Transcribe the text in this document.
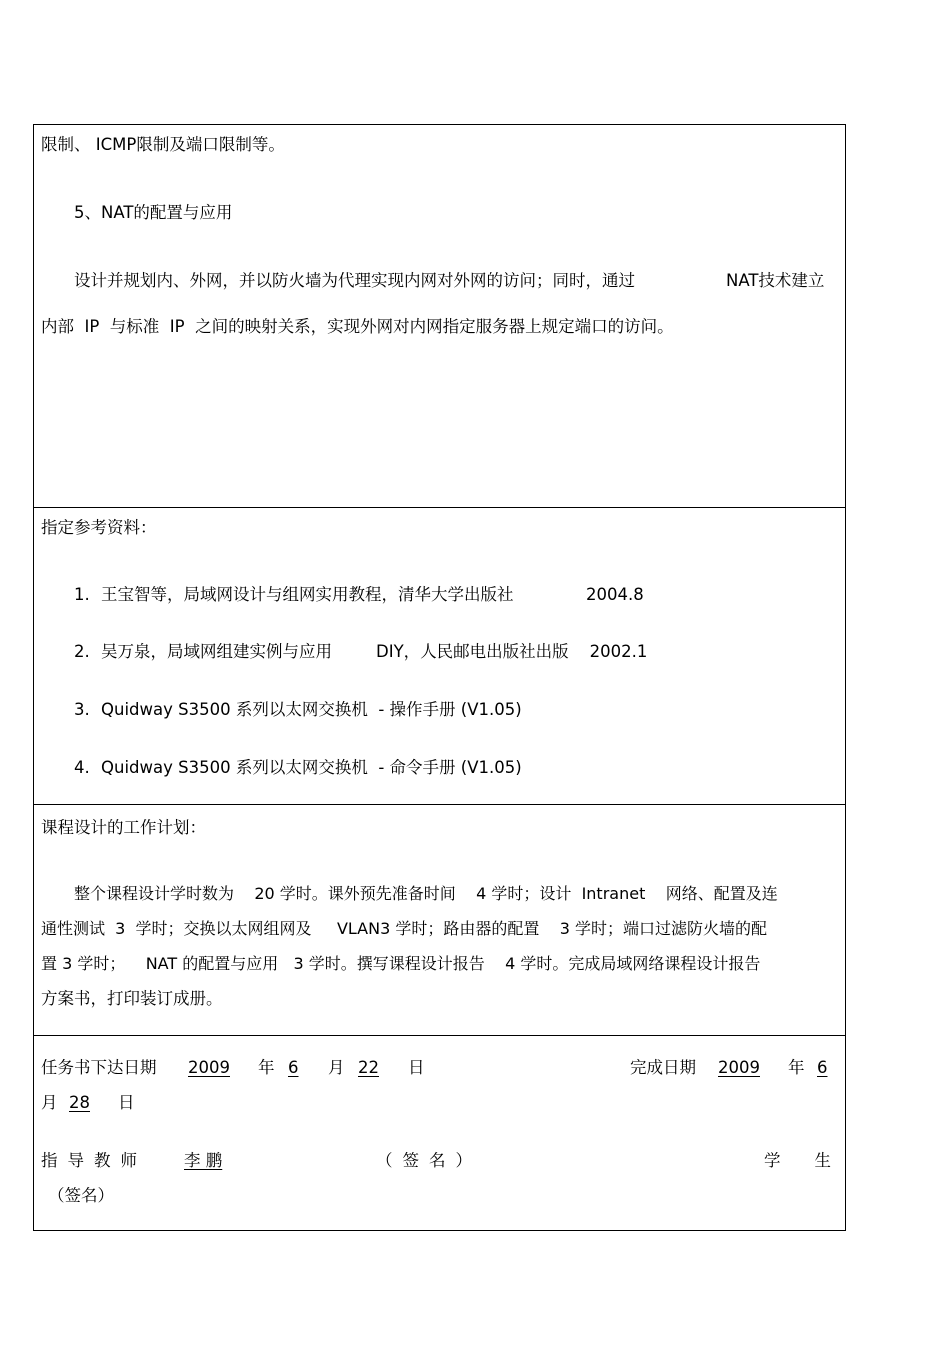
限制、 ICMP限制及端口限制等。
5、NAT的配置与应用
设计并规划内、外网，并以防火墙为代理实现内网对外网的访问；同时，通过	NAT技术建立
内部  IP  与标准  IP  之间的映射关系，实现外网对内网指定服务器上规定端口的访问。
指定参考资料：
1. 王宝智等，局域网设计与组网实用教程，清华大学出版社	2004.8
2. 吴万泉，局域网组建实例与应用	DIY，人民邮电出版社出版    2002.1
3. Quidway S3500 系列以太网交换机  - 操作手册 (V1.05)
4. Quidway S3500 系列以太网交换机  - 命令手册 (V1.05)
课程设计的工作计划：
整个课程设计学时数为    20 学时。课外预先准备时间    4 学时；设计  Intranet    网络、配置及连
通性测试  3  学时；交换以太网组网及     VLAN3 学时；路由器的配置    3 学时；端口过滤防火墙的配
置 3 学时；    NAT 的配置与应用   3 学时。撰写课程设计报告    4 学时。完成局域网络课程设计报告
方案书，打印装订成册。
任务书下达日期 2009	年 6	月 22	日	完成日期 2009	年 6
月 28	日
指导教师	李 鹏	（签名）	学生
（签名）
